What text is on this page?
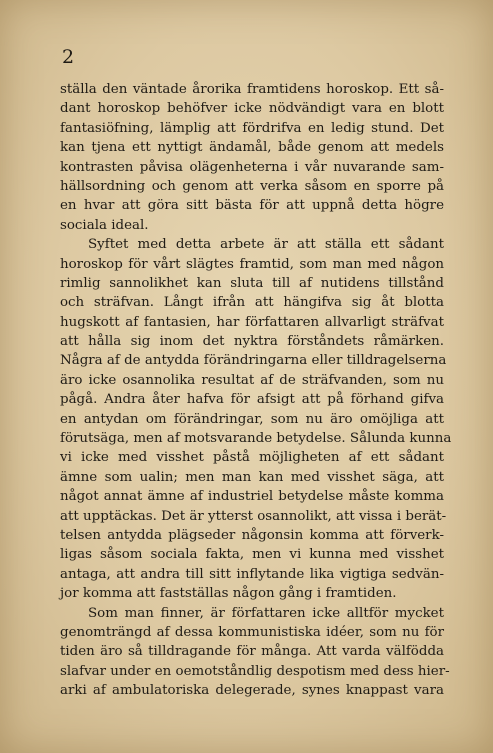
2
ställa den väntade årorika framtidens horoskop. Ett så-
dant horoskop behöfver icke nödvändigt vara en blott
fantasiöfning, lämplig att fördrifva en ledig stund. Det
kan tjena ett nyttigt ändamål, både genom att medels
kontrasten påvisa olägenheterna i vår nuvarande sam-
hällsordning och genom att verka såsom en sporre på
en hvar att göra sitt bästa för att uppnå detta högre
sociala ideal.
Syftet med detta arbete är att ställa ett sådant
horoskop för vårt slägtes framtid, som man med någon
rimlig sannolikhet kan sluta till af nutidens tillstånd
och sträfvan. Långt ifrån att hängifva sig åt blotta
hugskott af fantasien, har författaren allvarligt sträfvat
att hålla sig inom det nyktra förståndets råmärken.
Några af de antydda förändringarna eller tilldragelserna
äro icke osannolika resultat af de sträfvanden, som nu
pågå. Andra åter hafva för afsigt att på förhand gifva
en antydan om förändringar, som nu äro omöjliga att
förutsäga, men af motsvarande betydelse. Sålunda kunna
vi icke med visshet påstå möjligheten af ett sådant
ämne som ualin; men man kan med visshet säga, att
något annat ämne af industriel betydelse måste komma
att upptäckas. Det är ytterst osannolikt, att vissa i berät-
telsen antydda plägseder någonsin komma att förverk-
ligas såsom sociala fakta, men vi kunna med visshet
antaga, att andra till sitt inflytande lika vigtiga sedvän-
jor komma att fastställas någon gång i framtiden.
Som man finner, är författaren icke alltför mycket
genomträngd af dessa kommunistiska idéer, som nu för
tiden äro så tilldragande för många. Att varda välfödda
slafvar under en oemotståndlig despotism med dess hier-
arki af ambulatoriska delegerade, synes knappast vara
